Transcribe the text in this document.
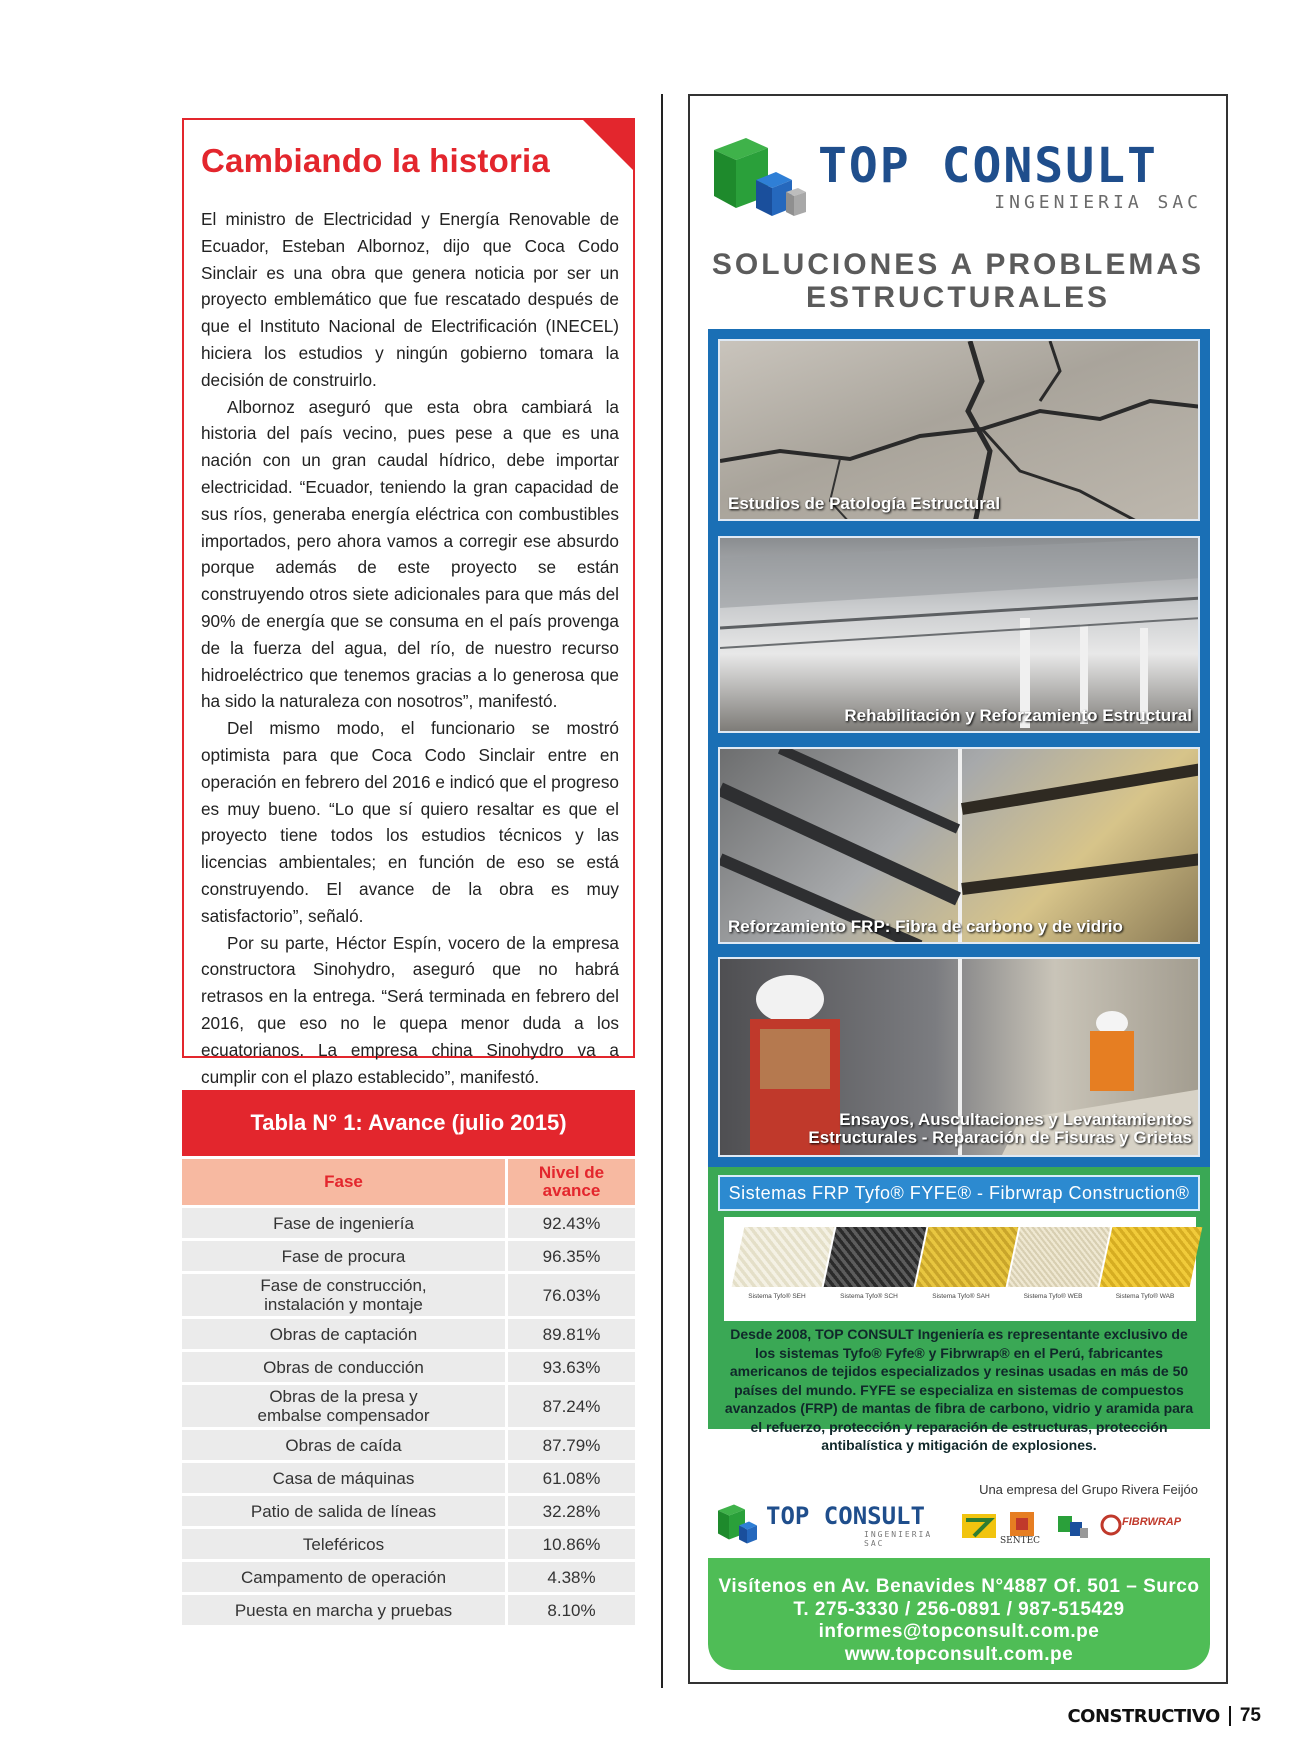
Cambiando la historia

El ministro de Electricidad y Energía Renovable de Ecuador, Esteban Albornoz, dijo que Coca Codo Sinclair es una obra que genera noticia por ser un proyecto emblemático que fue rescatado después de que el Instituto Nacional de Electrificación (INECEL) hiciera los estudios y ningún gobierno tomara la decisión de construirlo.

Albornoz aseguró que esta obra cambiará la historia del país vecino, pues pese a que es una nación con un gran caudal hídrico, debe importar electricidad. “Ecuador, teniendo la gran capacidad de sus ríos, generaba energía eléctrica con combustibles importados, pero ahora vamos a corregir ese absurdo porque además de este proyecto se están construyendo otros siete adicionales para que más del 90% de energía que se consuma en el país provenga de la fuerza del agua, del río, de nuestro recurso hidroeléctrico que tenemos gracias a lo generosa que ha sido la naturaleza con nosotros”, manifestó.

Del mismo modo, el funcionario se mostró optimista para que Coca Codo Sinclair entre en operación en febrero del 2016 e indicó que el progreso es muy bueno. “Lo que sí quiero resaltar es que el proyecto tiene todos los estudios técnicos y las licencias ambientales; en función de eso se está construyendo. El avance de la obra es muy satisfactorio”, señaló.

Por su parte, Héctor Espín, vocero de la empresa constructora Sinohydro, aseguró que no habrá retrasos en la entrega. “Será terminada en febrero del 2016, que eso no le quepa menor duda a los ecuatorianos. La empresa china Sinohydro va a cumplir con el plazo establecido”, manifestó.

Tabla N° 1: Avance (julio 2015)
Fase	Nivel de avance
Fase de ingeniería	92.43%
Fase de procura	96.35%
Fase de construcción, instalación y montaje	76.03%
Obras de captación	89.81%
Obras de conducción	93.63%
Obras de la presa y embalse compensador	87.24%
Obras de caída	87.79%
Casa de máquinas	61.08%
Patio de salida de líneas	32.28%
Teleféricos	10.86%
Campamento de operación	4.38%
Puesta en marcha y pruebas	8.10%
TOP CONSULT
INGENIERIA SAC
SOLUCIONES A PROBLEMAS
ESTRUCTURALES
Estudios de Patología Estructural
Rehabilitación y Reforzamiento Estructural
Reforzamiento FRP: Fibra de carbono y de vidrio
Ensayos, Auscultaciones y Levantamientos
Estructurales - Reparación de Fisuras y Grietas
Sistemas FRP Tyfo® FYFE® - Fibrwrap Construction®
Sistema Tyfo® SEH	Sistema Tyfo® SCH	Sistema Tyfo® SAH	Sistema Tyfo® WEB	Sistema Tyfo® WAB
Desde 2008, TOP CONSULT Ingeniería es representante exclusivo de los sistemas Tyfo® Fyfe® y Fibrwrap® en el Perú, fabricantes americanos de tejidos especializados y resinas usadas en más de 50 países del mundo. FYFE se especializa en sistemas de compuestos avanzados (FRP) de mantas de fibra de carbono, vidrio y aramida para el refuerzo, protección y reparación de estructuras, protección antibalística y mitigación de explosiones.
Una empresa del Grupo Rivera Feijóo
TOP CONSULT
INGENIERIA SAC	SENTEC
FIBRWRAP
Visítenos en Av. Benavides N°4887 Of. 501 – Surco
T. 275-3330 / 256-0891 / 987-515429
informes@topconsult.com.pe
www.topconsult.com.pe
CONSTRUCTIVO 75
